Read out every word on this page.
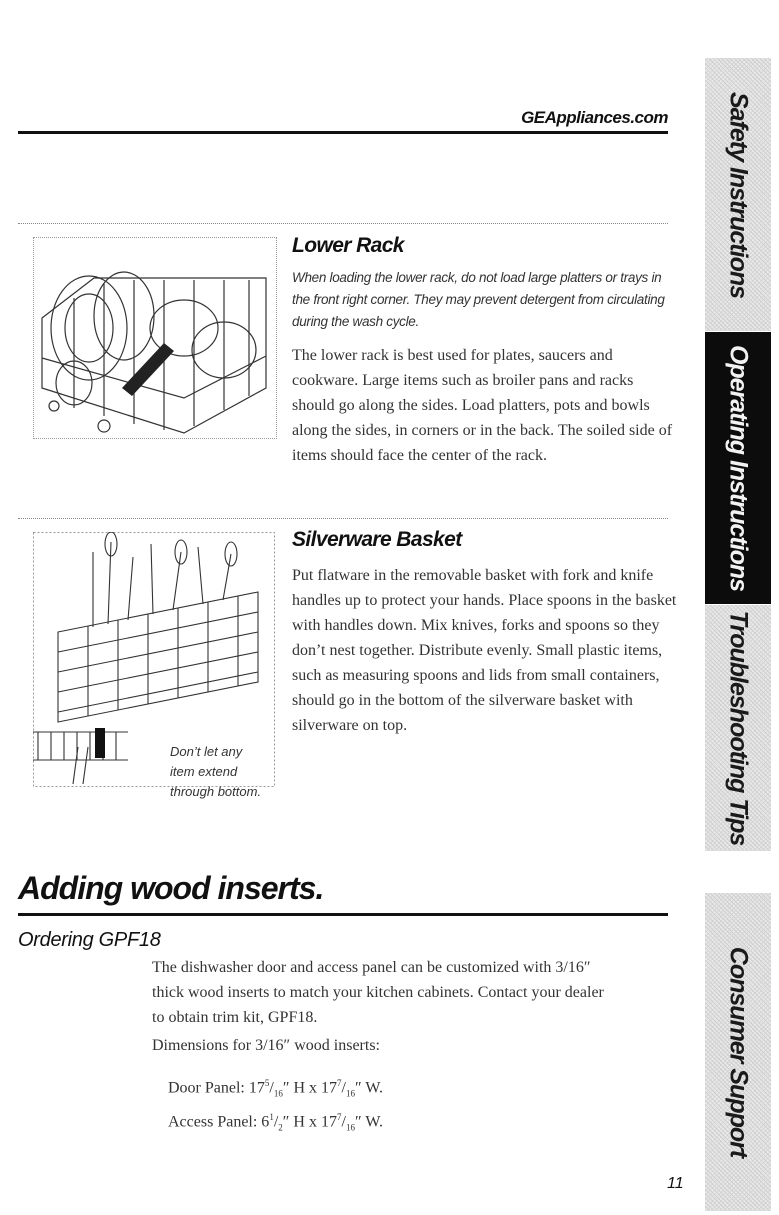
GEAppliances.com
Lower Rack
When loading the lower rack, do not load large platters or trays in the front right corner. They may prevent detergent from circulating during the wash cycle.
The lower rack is best used for plates, saucers and cookware. Large items such as broiler pans and racks should go along the sides. Load platters, pots and bowls along the sides, in corners or in the back. The soiled side of items should face the center of the rack.
Don’t let any
item extend
through bottom.
Silverware Basket
Put flatware in the removable basket with fork and knife handles up to protect your hands. Place spoons in the basket with handles down. Mix knives, forks and spoons so they don’t nest together. Distribute evenly. Small plastic items, such as measuring spoons and lids from small containers, should go in the bottom of the silverware basket with silverware on top.
Adding wood inserts.
Ordering GPF18
The dishwasher door and access panel can be customized with 3/16″ thick wood inserts to match your kitchen cabinets. Contact your dealer to obtain trim kit, GPF18.
Dimensions for 3/16″ wood inserts:
Door Panel: $17^5/_{16}''$ H x $17^7/_{16}''$ W.
Access Panel: $6^1/_2''$ H x $17^7/_{16}''$ W.
Safety Instructions
Operating Instructions
Troubleshooting Tips
Consumer Support
11
